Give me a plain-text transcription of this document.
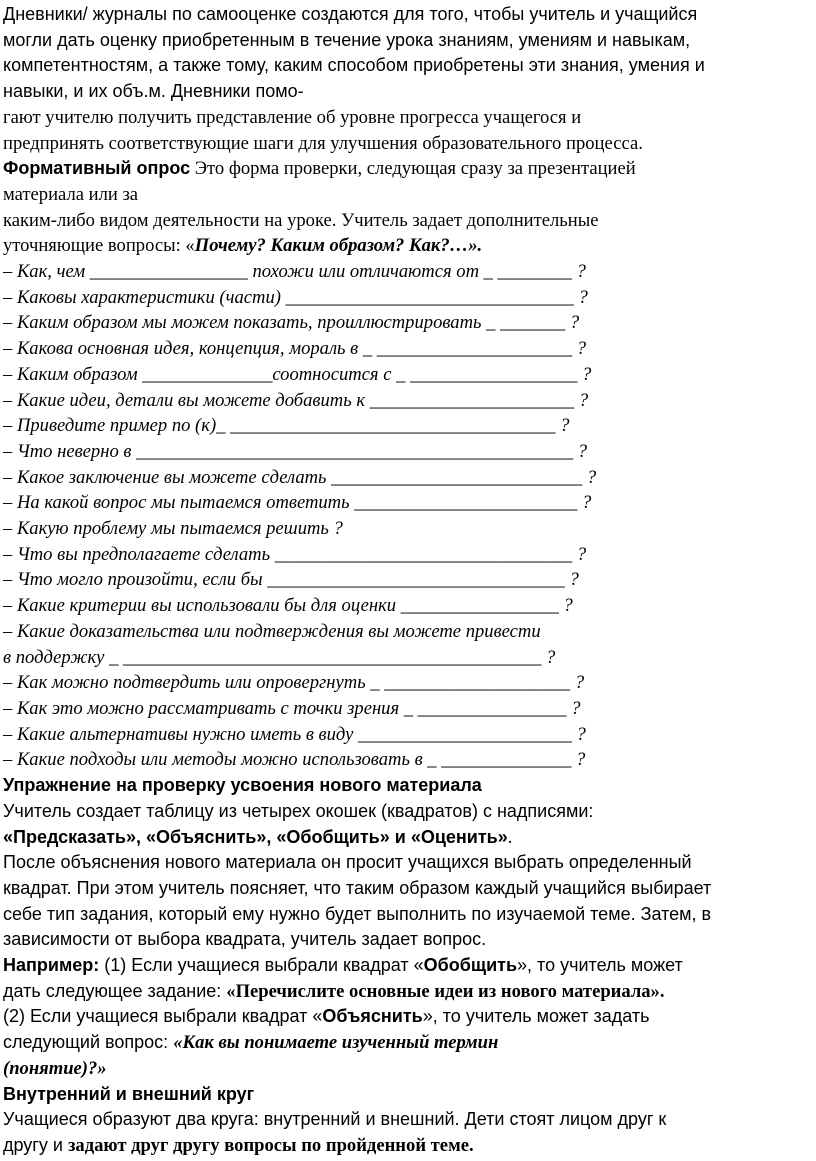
Дневники/ журналы по самооценке создаются для того, чтобы учитель и учащийся
могли дать оценку приобретенным в течение урока знаниям, умениям и навыкам,
компетентностям, а также тому, каким способом приобретены эти знания, умения и
навыки, и их объ.м. Дневники помо-
гают учителю получить представление об уровне прогресса учащегося и
предпринять соответствующие шаги для улучшения образовательного процесса.
Формативный опрос Это форма проверки, следующая сразу за презентацией
материала или за
каким-либо видом деятельности на уроке. Учитель задает дополнительные
уточняющие вопросы: «Почему? Каким образом? Как?…».
– Как, чем _________________ похожи или отличаются от _ ________ ?
– Каковы характеристики (части) _______________________________ ?
– Каким образом мы можем показать, проиллюстрировать _ _______ ?
– Какова основная идея, концепция, мораль в _ _____________________ ?
– Каким образом ______________соотносится с _ __________________ ?
– Какие идеи, детали вы можете добавить к ______________________ ?
– Приведите пример по (к)_ ___________________________________ ?
– Что неверно в _______________________________________________ ?
– Какое заключение вы можете сделать ___________________________ ?
– На какой вопрос мы пытаемся ответить ________________________ ?
– Какую проблему мы пытаемся решить ?
– Что вы предполагаете сделать ________________________________ ?
– Что могло произойти, если бы ________________________________ ?
– Какие критерии вы использовали бы для оценки _________________ ?
– Какие доказательства или подтверждения вы можете привести
в поддержку _ _____________________________________________ ?
– Как можно подтвердить или опровергнуть _ ____________________ ?
– Как это можно рассматривать с точки зрения _ ________________ ?
– Какие альтернативы нужно иметь в виду _______________________ ?
– Какие подходы или методы можно использовать в _ ______________ ?
Упражнение на проверку усвоения нового материала
Учитель создает таблицу из четырех окошек (квадратов) с надписями:
«Предсказать», «Объяснить», «Обобщить» и «Оценить».
После объяснения нового материала он просит учащихся выбрать определенный
квадрат. При этом учитель поясняет, что таким образом каждый учащийся выбирает
себе тип задания, который ему нужно будет выполнить по изучаемой теме. Затем, в
зависимости от выбора квадрата, учитель задает вопрос.
Например: (1) Если учащиеся выбрали квадрат «Обобщить», то учитель может
дать следующее задание: «Перечислите основные идеи из нового материала».
(2) Если учащиеся выбрали квадрат «Объяснить», то учитель может задать
следующий вопрос: «Как вы понимаете изученный термин
(понятие)?»
Внутренний и внешний круг
Учащиеся образуют два круга: внутренний и внешний. Дети стоят лицом друг к
другу и задают друг другу вопросы по пройденной теме.
